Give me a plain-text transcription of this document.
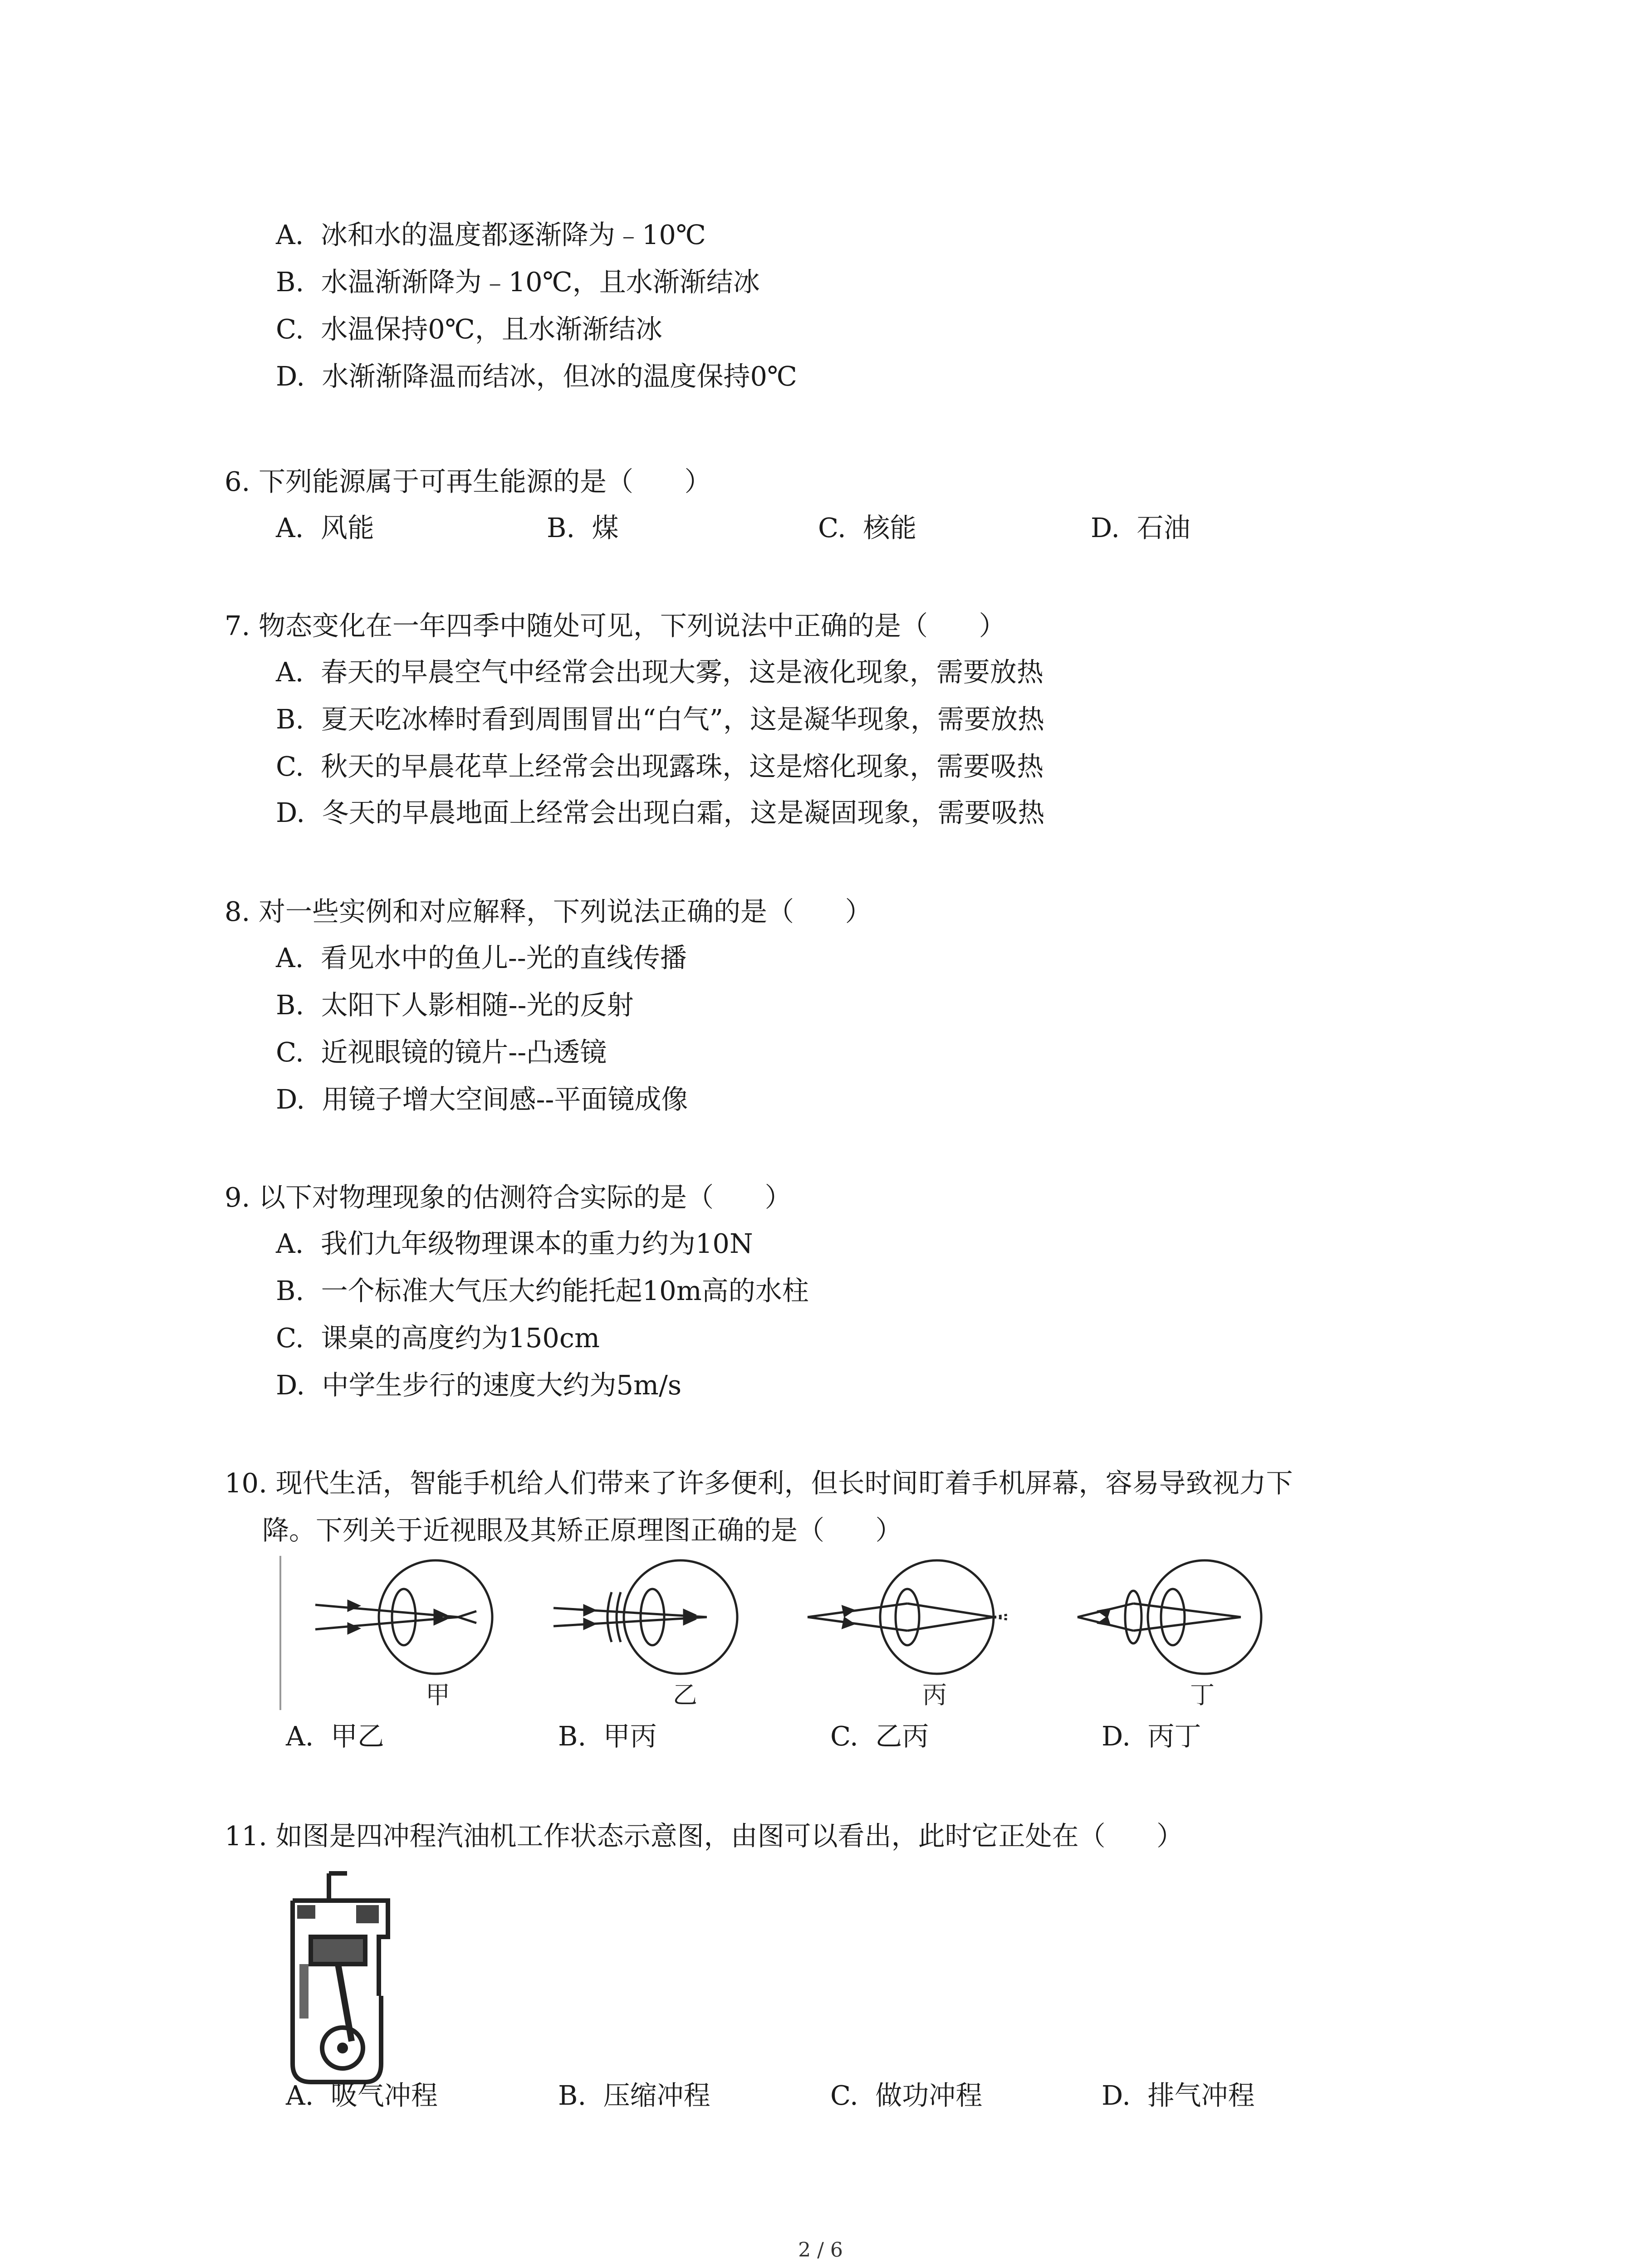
A.  冰和水的温度都逐渐降为﹣10℃
B.  水温渐渐降为﹣10℃，且水渐渐结冰
C.  水温保持0℃，且水渐渐结冰
D.  水渐渐降温而结冰，但冰的温度保持0℃
6. 下列能源属于可再生能源的是（      ）
A.  风能	B.  煤	C.  核能	D.  石油
7. 物态变化在一年四季中随处可见，下列说法中正确的是（      ）
A.  春天的早晨空气中经常会出现大雾，这是液化现象，需要放热
B.  夏天吃冰棒时看到周围冒出“白气”，这是凝华现象，需要放热
C.  秋天的早晨花草上经常会出现露珠，这是熔化现象，需要吸热
D.  冬天的早晨地面上经常会出现白霜，这是凝固现象，需要吸热
8. 对一些实例和对应解释，下列说法正确的是（      ）
A.  看见水中的鱼儿--光的直线传播
B.  太阳下人影相随--光的反射
C.  近视眼镜的镜片--凸透镜
D.  用镜子增大空间感--平面镜成像
9. 以下对物理现象的估测符合实际的是（      ）
A.  我们九年级物理课本的重力约为10N
B.  一个标准大气压大约能托起10m高的水柱
C.  课桌的高度约为150cm
D.  中学生步行的速度大约为5m/s
10. 现代生活，智能手机给人们带来了许多便利，但长时间盯着手机屏幕，容易导致视力下
降。下列关于近视眼及其矫正原理图正确的是（      ）
甲	乙	丙	丁
A.  甲乙	B.  甲丙	C.  乙丙	D.  丙丁
11. 如图是四冲程汽油机工作状态示意图，由图可以看出，此时它正处在（      ）
A.  吸气冲程	B.  压缩冲程	C.  做功冲程	D.  排气冲程
2 / 6
